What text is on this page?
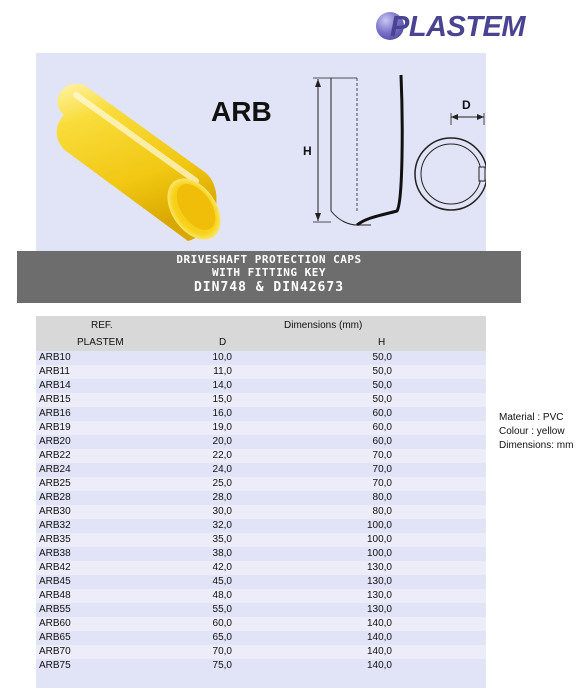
PLASTEM
ARB
H
D
DRIVESHAFT PROTECTION CAPS
WITH FITTING KEY
DIN748 & DIN42673
REF.	Dimensions (mm)
PLASTEM	D	H
ARB10	10,0	50,0
ARB11	11,0	50,0
ARB14	14,0	50,0
ARB15	15,0	50,0
ARB16	16,0	60,0
ARB19	19,0	60,0
ARB20	20,0	60,0
ARB22	22,0	70,0
ARB24	24,0	70,0
ARB25	25,0	70,0
ARB28	28,0	80,0
ARB30	30,0	80,0
ARB32	32,0	100,0
ARB35	35,0	100,0
ARB38	38,0	100,0
ARB42	42,0	130,0
ARB45	45,0	130,0
ARB48	48,0	130,0
ARB55	55,0	130,0
ARB60	60,0	140,0
ARB65	65,0	140,0
ARB70	70,0	140,0
ARB75	75,0	140,0
Material : PVC
Colour : yellow
Dimensions: mm
